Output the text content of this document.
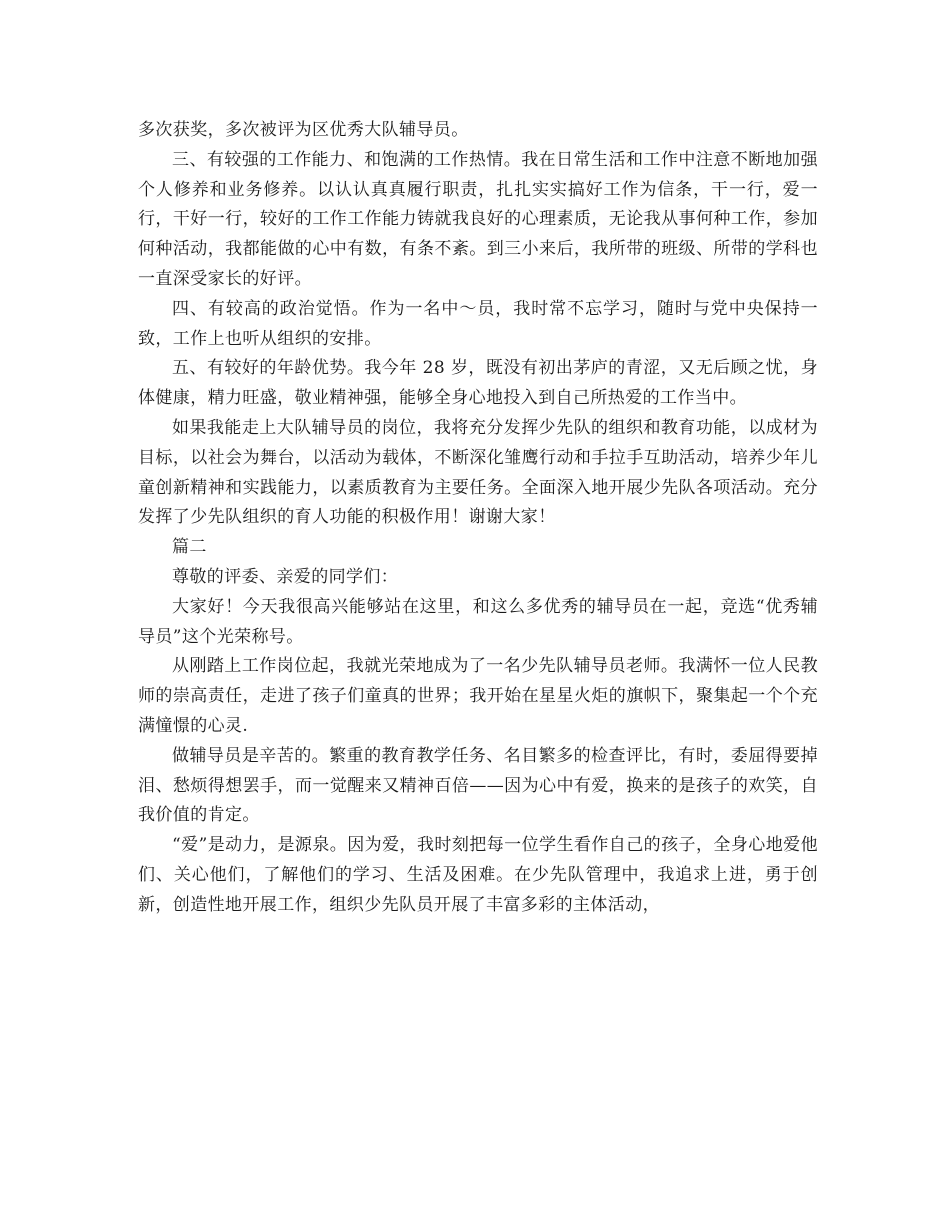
多次获奖，多次被评为区优秀大队辅导员。

三、有较强的工作能力、和饱满的工作热情。我在日常生活和工作中注意不断地加强个人修养和业务修养。以认认真真履行职责，扎扎实实搞好工作为信条，干一行，爱一行，干好一行，较好的工作工作能力铸就我良好的心理素质，无论我从事何种工作，参加何种活动，我都能做的心中有数，有条不紊。到三小来后，我所带的班级、所带的学科也一直深受家长的好评。

四、有较高的政治觉悟。作为一名中～员，我时常不忘学习，随时与党中央保持一致，工作上也听从组织的安排。

五、有较好的年龄优势。我今年 28 岁，既没有初出茅庐的青涩，又无后顾之忧，身体健康，精力旺盛，敬业精神强，能够全身心地投入到自己所热爱的工作当中。

如果我能走上大队辅导员的岗位，我将充分发挥少先队的组织和教育功能，以成材为目标，以社会为舞台，以活动为载体，不断深化雏鹰行动和手拉手互助活动，培养少年儿童创新精神和实践能力，以素质教育为主要任务。全面深入地开展少先队各项活动。充分发挥了少先队组织的育人功能的积极作用！谢谢大家！

篇二

尊敬的评委、亲爱的同学们：

大家好！今天我很高兴能够站在这里，和这么多优秀的辅导员在一起，竞选“优秀辅导员”这个光荣称号。

从刚踏上工作岗位起，我就光荣地成为了一名少先队辅导员老师。我满怀一位人民教师的崇高责任，走进了孩子们童真的世界；我开始在星星火炬的旗帜下，聚集起一个个充满憧憬的心灵.

做辅导员是辛苦的。繁重的教育教学任务、名目繁多的检查评比，有时，委屈得要掉泪、愁烦得想罢手，而一觉醒来又精神百倍——因为心中有爱，换来的是孩子的欢笑，自我价值的肯定。

“爱”是动力，是源泉。因为爱，我时刻把每一位学生看作自己的孩子，全身心地爱他们、关心他们，了解他们的学习、生活及困难。在少先队管理中，我追求上进，勇于创新，创造性地开展工作，组织少先队员开展了丰富多彩的主体活动，
